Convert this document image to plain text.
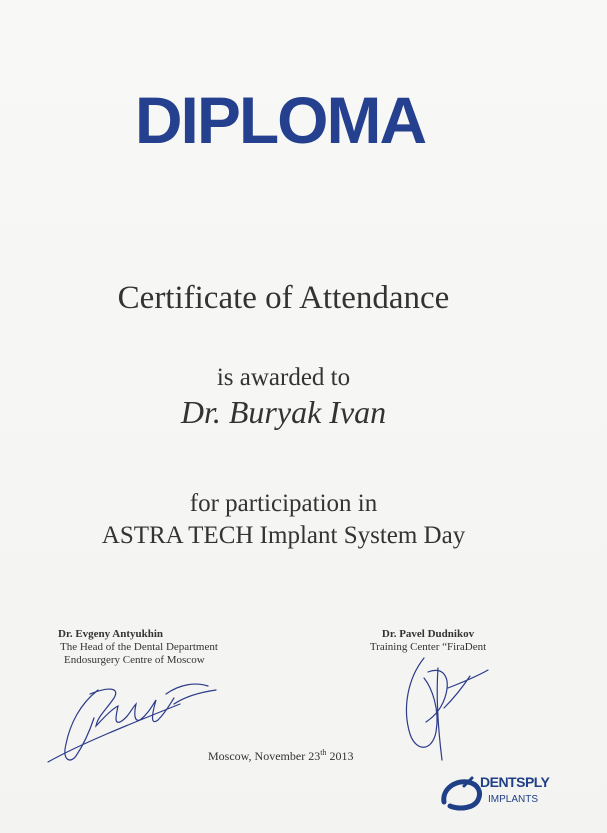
DIPLOMA
Certificate of Attendance
is awarded to
Dr. Buryak Ivan
for participation in
ASTRA TECH Implant System Day
Dr. Evgeny Antyukhin
The Head of the Dental Department
Endosurgery Centre of Moscow
Dr. Pavel Dudnikov
Training Center “FiraDent
Moscow, November 23th 2013
DENTSPLY
IMPLANTS
